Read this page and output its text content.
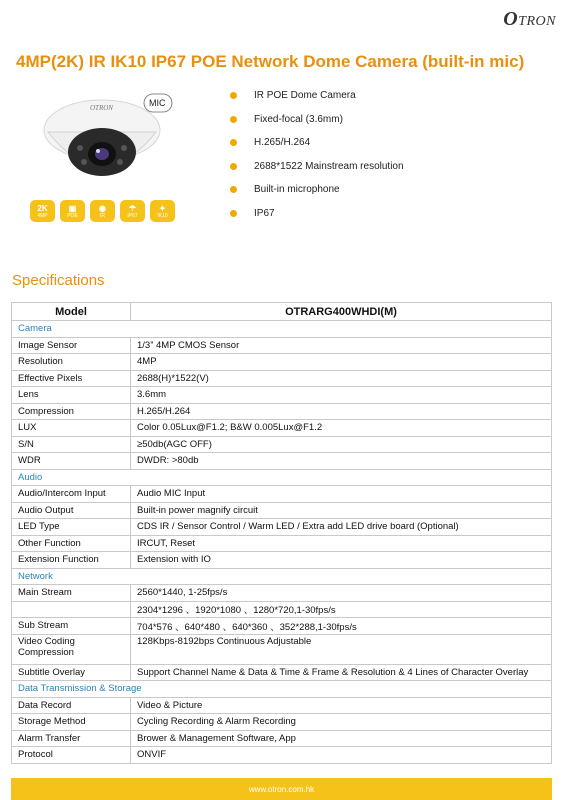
OTRON
4MP(2K) IR IK10 IP67 POE Network Dome Camera (built-in mic)
OTRON	MIC
2K
4MP
▣
POE
◉
IR
☂
IP67
✦
IK10
IR POE Dome Camera
Fixed-focal (3.6mm)
H.265/H.264
2688*1522 Mainstream resolution
Built-in microphone
IP67
Specifications
Model	OTRARG400WHDI(M)
Camera	
Image Sensor	1/3” 4MP CMOS Sensor
Resolution	4MP
Effective Pixels	2688(H)*1522(V)
Lens	3.6mm
Compression	H.265/H.264
LUX	Color 0.05Lux@F1.2; B&W 0.005Lux@F1.2
S/N	≥50db(AGC OFF)
WDR	DWDR: >80db
Audio	
Audio/Intercom Input	Audio MIC Input
Audio Output	Built-in power magnify circuit
LED Type	CDS IR / Sensor Control / Warm LED / Extra add LED drive board (Optional)
Other Function	IRCUT, Reset
Extension Function	Extension with IO
Network	
Main Stream	2560*1440, 1-25fps/s
	2304*1296 、1920*1080 、1280*720,1-30fps/s
Sub Stream	704*576 、640*480 、640*360 、352*288,1-30fps/s
Video Coding Compression	128Kbps-8192bps Continuous Adjustable
Subtitle Overlay	Support Channel Name & Data & Time & Frame & Resolution & 4 Lines of Character Overlay
Data Transmission & Storage	
Data Record	Video & Picture
Storage Method	Cycling Recording & Alarm Recording
Alarm Transfer	Brower & Management Software, App
Protocol	ONVIF
www.otron.com.hk
